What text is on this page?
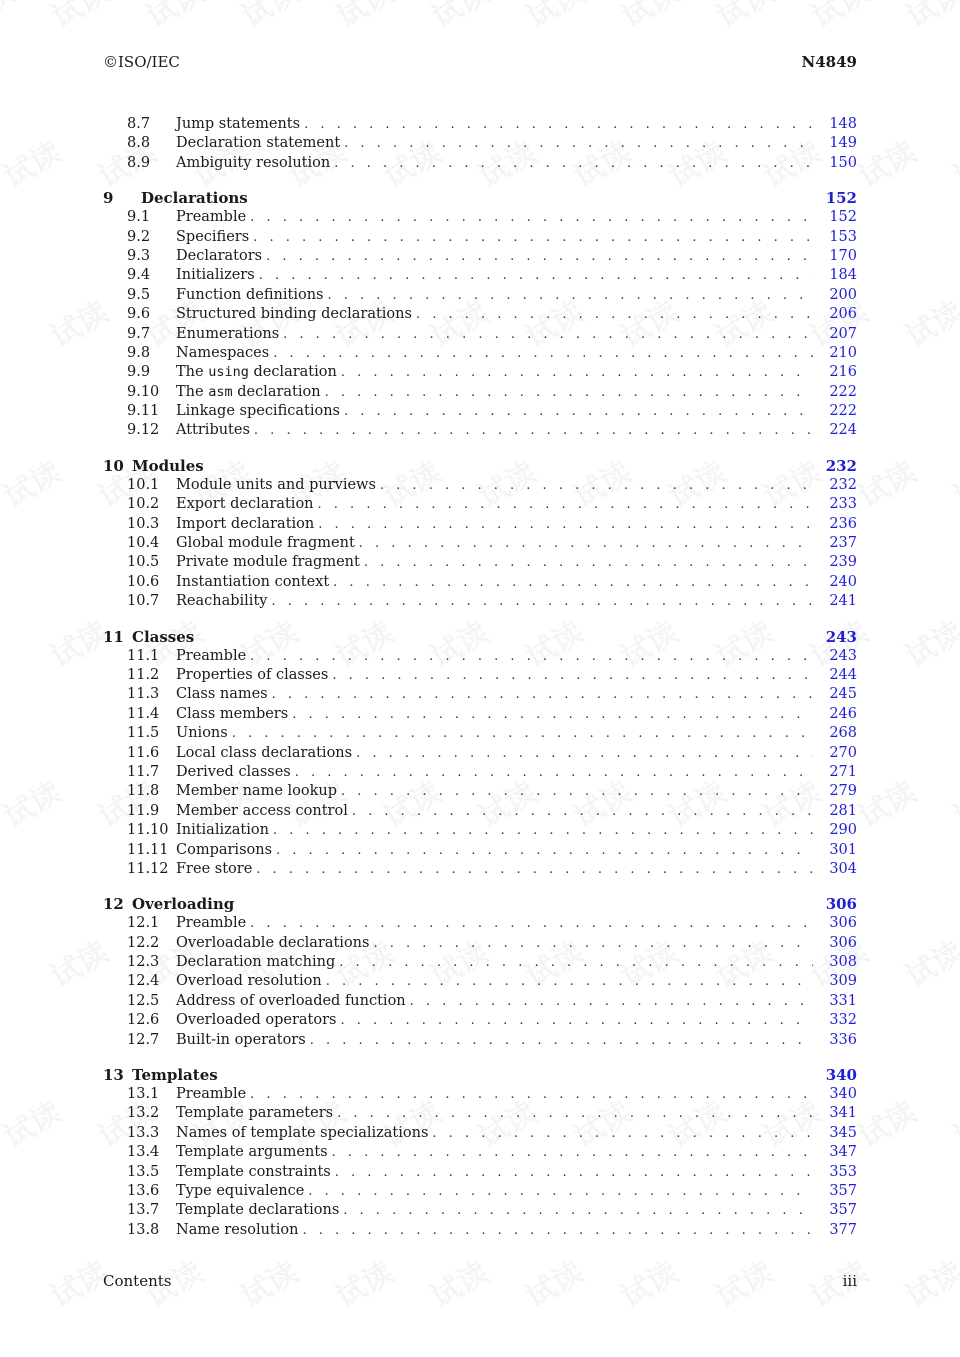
©ISO/IEC	N4849
8.7	Jump statements . . .	148
8.8	Declaration statement . . .	149
8.9	Ambiguity resolution . . .	150
9	Declarations	152
9.1	Preamble . . .	152
9.2	Specifiers . . .	153
9.3	Declarators . . .	170
9.4	Initializers . . .	184
9.5	Function definitions . . .	200
9.6	Structured binding declarations . . .	206
9.7	Enumerations . . .	207
9.8	Namespaces . . .	210
9.9	The using declaration . . .	216
9.10	The asm declaration . . .	222
9.11	Linkage specifications . . .	222
9.12	Attributes . . .	224
10 Modules	232
10.1	Module units and purviews . . .	232
10.2	Export declaration . . .	233
10.3	Import declaration . . .	236
10.4	Global module fragment . . .	237
10.5	Private module fragment . . .	239
10.6	Instantiation context . . .	240
10.7	Reachability . . .	241
11 Classes	243
11.1	Preamble . . .	243
11.2	Properties of classes . . .	244
11.3	Class names . . .	245
11.4	Class members . . .	246
11.5	Unions . . .	268
11.6	Local class declarations . . .	270
11.7	Derived classes . . .	271
11.8	Member name lookup . . .	279
11.9	Member access control . . .	281
11.10 Initialization . . .	290
11.11 Comparisons . . .	301
11.12 Free store . . .	304
12 Overloading	306
12.1	Preamble . . .	306
12.2	Overloadable declarations . . .	306
12.3	Declaration matching . . .	308
12.4	Overload resolution . . .	309
12.5	Address of overloaded function . . .	331
12.6	Overloaded operators . . .	332
12.7	Built-in operators . . .	336
13 Templates	340
13.1	Preamble . . .	340
13.2	Template parameters . . .	341
13.3	Names of template specializations . . .	345
13.4	Template arguments . . .	347
13.5	Template constraints . . .	353
13.6	Type equivalence . . .	357
13.7	Template declarations . . .	357
13.8	Name resolution . . .	377
Contents	iii
